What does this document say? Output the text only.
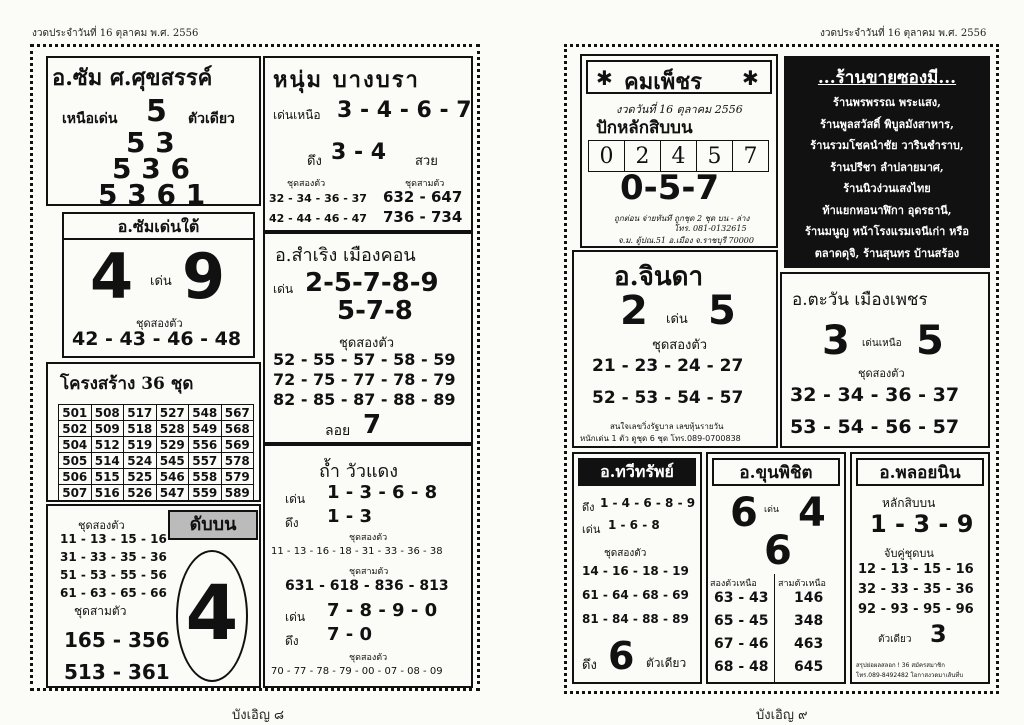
งวดประจำวันที่ 16 ตุลาคม พ.ศ. 2556
บังเอิญ ๘
อ.ซัม ศ.ศุขสรรค์
เหนือเด่น 5 ตัวเดียว
5 3
5 3 6
5 3 6 1
อ.ซัมเด่นใต้
4 เด่น 9
ชุดสองตัว
42 - 43 - 46 - 48
โครงสร้าง 36 ชุด
501	508	517	527	548	567
502	509	518	528	549	568
504	512	519	529	556	569
505	514	524	545	557	578
506	515	525	546	558	579
507	516	526	547	559	589
ชุดสองตัว
11 - 13 - 15 - 16
31 - 33 - 35 - 36
51 - 53 - 55 - 56
61 - 63 - 65 - 66
ชุดสามตัว
165 - 356
513 - 361
ดับบน
4
หนุ่ม บางบรา
เด่นเหนือ 3 - 4 - 6 - 7
ดึง 3 - 4 สวย
ชุดสองตัว	ชุดสามตัว
32 - 34 - 36 - 37 632 - 647
42 - 44 - 46 - 47 736 - 734
อ.สำเริง เมืองคอน
เด่น 2-5-7-8-9
5-7-8
ชุดสองตัว
52 - 55 - 57 - 58 - 59
72 - 75 - 77 - 78 - 79
82 - 85 - 87 - 88 - 89
ลอย 7
ถ้ำ วัวแดง
เด่น 1 - 3 - 6 - 8
ดึง 1 - 3
ชุดสองตัว
11 - 13 - 16 - 18 - 31 - 33 - 36 - 38
ชุดสามตัว
631 - 618 - 836 - 813
เด่น 7 - 8 - 9 - 0
ดึง 7 - 0
ชุดสองตัว
70 - 77 - 78 - 79 - 00 - 07 - 08 - 09
งวดประจำวันที่ 16 ตุลาคม พ.ศ. 2556
บังเอิญ ๙
✱ คมเพ็ชร ✱
งวดวันที่ 16 ตุลาคม 2556
ปักหลักสิบบน
0	2	4	5	7
0-5-7
ถูกต่อน จ่ายทันที ถูกชุด 2 ชุด บน - ล่าง
โทร. 081-0132615
จ.ม. ตู้ปณ.51 อ.เมือง จ.ราชบุรี 70000
...ร้านขายซองมี...
ร้านพรพรรณ พระแสง,
ร้านพูลสวัสดิ์ พิบูลมังสาหาร,
ร้านรวมโชคนำชัย วารินชำราบ,
ร้านปรีชา ลำปลายมาศ,
ร้านนิวง่วนเสงไทย
ท้าแยกหอนาฬิกา อุดรธานี,
ร้านมนูญ หน้าโรงแรมเจนีเก่า หรือ
ตลาดดุจิ, ร้านสุนทร บ้านสร้อง
อ.จินดา
2 เด่น 5
ชุดสองตัว
21 - 23 - 24 - 27
52 - 53 - 54 - 57
สนใจเลขวิ่งรัฐบาล เลขหุ้นรายวัน
หนักเด่น 1 ตัว ดูชุด 6 ชุด โทร.089-0700838
อ.ตะวัน เมืองเพชร
3 เด่นเหนือ 5
ชุดสองตัว
32 - 34 - 36 - 37
53 - 54 - 56 - 57
อ.ทวีทรัพย์
ดึง 1 - 4 - 6 - 8 - 9
เด่น 1 - 6 - 8
ชุดสองตัว
14 - 16 - 18 - 19
61 - 64 - 68 - 69
81 - 84 - 88 - 89
ดึง 6 ตัวเดียว
อ.ขุนพิชิต
6 เด่น 4
6
สองตัวเหนือ สามตัวเหนือ
63 - 43 146
65 - 45 348
67 - 46 463
68 - 48 645
อ.พลอยนิน
หลักสิบบน
1 - 3 - 9
จับคู่ชุดบน
12 - 13 - 15 - 16
32 - 33 - 35 - 36
92 - 93 - 95 - 96
ตัวเดียว 3
สรุปย่อผลสลอก ! 36 สมัครสมาชิก
โทร.089-8492482 โอกาสงวดมาเส้นที่บ
